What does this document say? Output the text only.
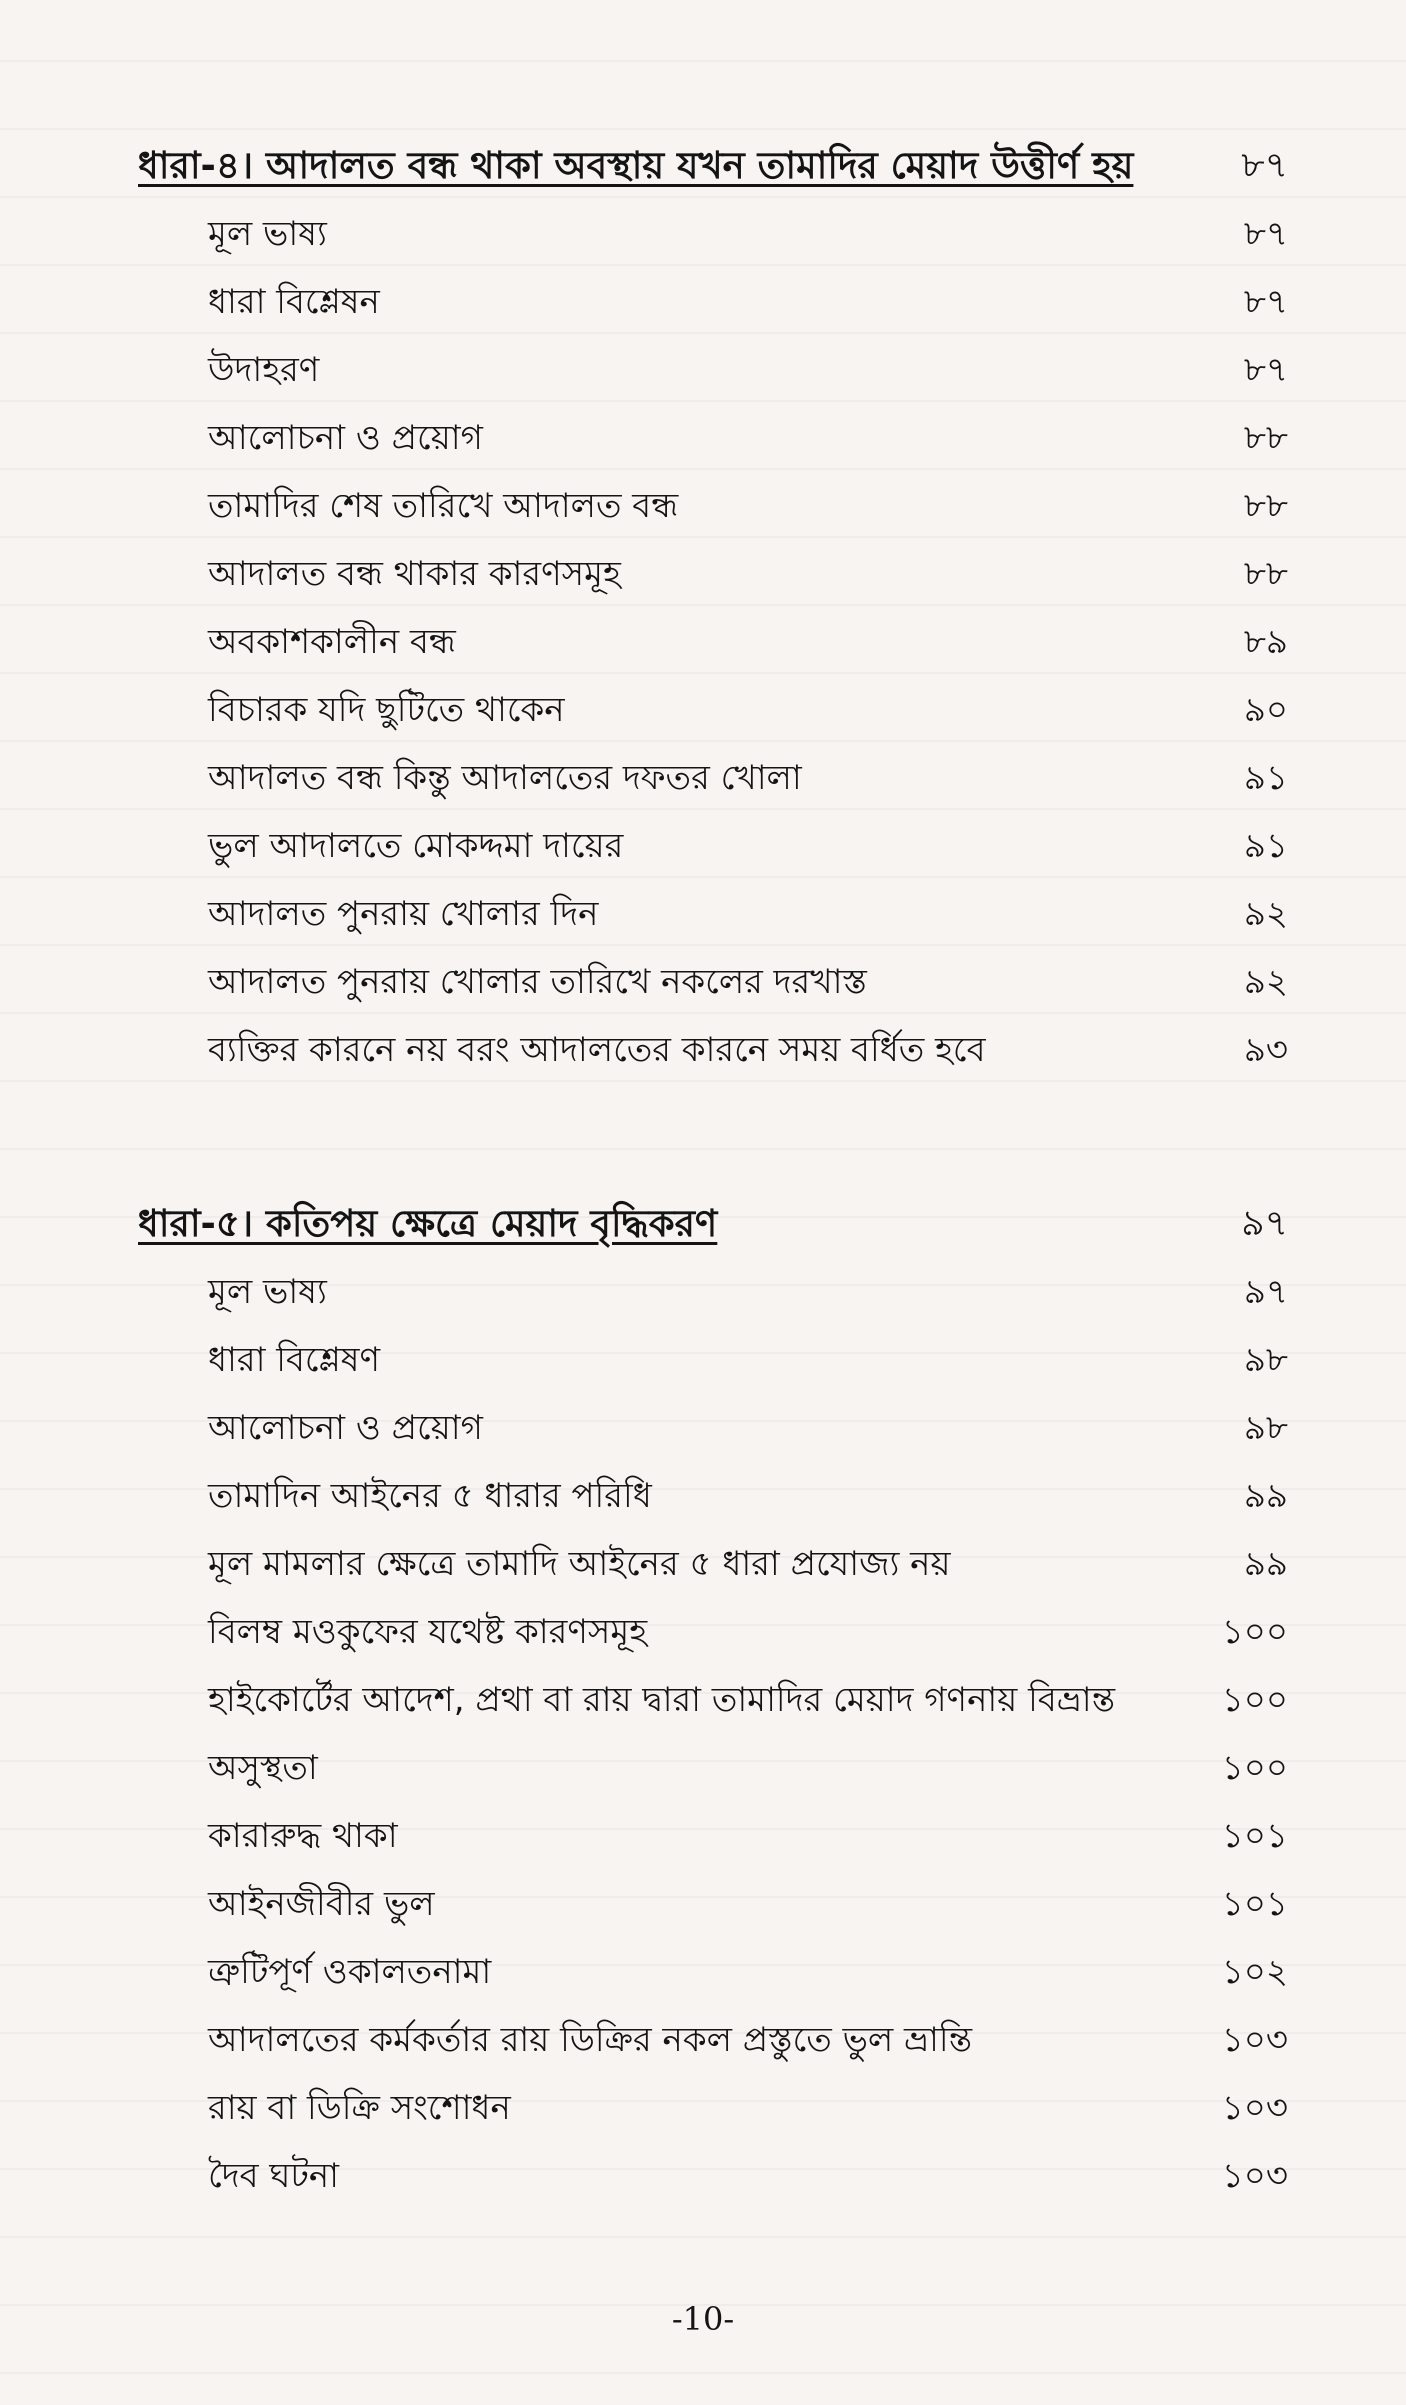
ধারা-৪। আদালত বন্ধ থাকা অবস্থায় যখন তামাদির মেয়াদ উত্তীর্ণ হয়	৮৭
মূল ভাষ্য	৮৭
ধারা বিশ্লেষন	৮৭
উদাহরণ	৮৭
আলোচনা ও প্রয়োগ	৮৮
তামাদির শেষ তারিখে আদালত বন্ধ	৮৮
আদালত বন্ধ থাকার কারণসমূহ	৮৮
অবকাশকালীন বন্ধ	৮৯
বিচারক যদি ছুটিতে থাকেন	৯০
আদালত বন্ধ কিন্তু আদালতের দফতর খোলা	৯১
ভুল আদালতে মোকদ্দমা দায়ের	৯১
আদালত পুনরায় খোলার দিন	৯২
আদালত পুনরায় খোলার তারিখে নকলের দরখাস্ত	৯২
ব্যক্তির কারনে নয় বরং আদালতের কারনে সময় বর্ধিত হবে	৯৩
ধারা-৫। কতিপয় ক্ষেত্রে মেয়াদ বৃদ্ধিকরণ	৯৭
মূল ভাষ্য	৯৭
ধারা বিশ্লেষণ	৯৮
আলোচনা ও প্রয়োগ	৯৮
তামাদিন আইনের ৫ ধারার পরিধি	৯৯
মূল মামলার ক্ষেত্রে তামাদি আইনের ৫ ধারা প্রযোজ্য নয়	৯৯
বিলম্ব মওকুফের যথেষ্ট কারণসমূহ	১০০
হাইকোর্টের আদেশ, প্রথা বা রায় দ্বারা তামাদির মেয়াদ গণনায় বিভ্রান্ত	১০০
অসুস্থতা	১০০
কারারুদ্ধ থাকা	১০১
আইনজীবীর ভুল	১০১
ত্রুটিপূর্ণ ওকালতনামা	১০২
আদালতের কর্মকর্তার রায় ডিক্রির নকল প্রস্তুতে ভুল ভ্রান্তি	১০৩
রায় বা ডিক্রি সংশোধন	১০৩
দৈব ঘটনা	১০৩
-10-
